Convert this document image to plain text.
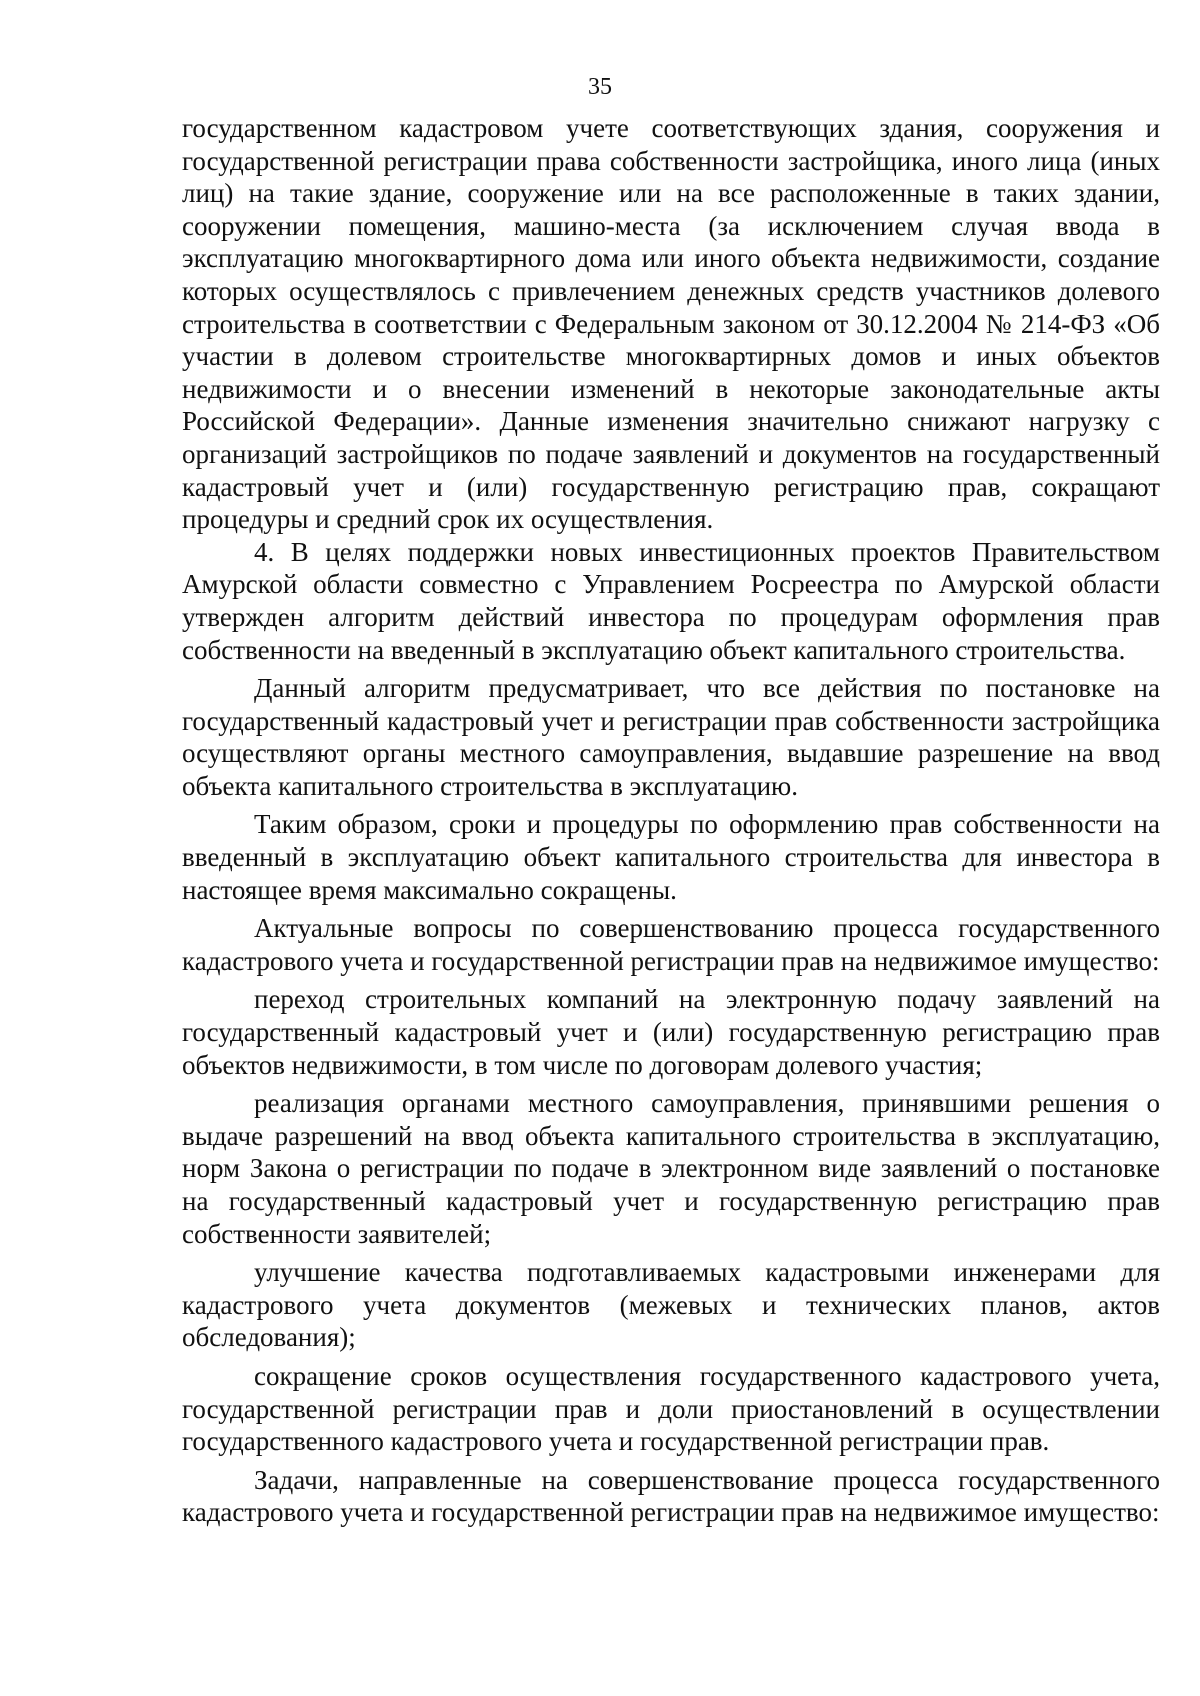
35

государственном кадастровом учете соответствующих здания, сооружения и государственной регистрации права собственности застройщика, иного лица (иных лиц) на такие здание, сооружение или на все расположенные в таких здании, сооружении помещения, машино-места (за исключением случая ввода в эксплуатацию многоквартирного дома или иного объекта недвижимости, создание которых осуществлялось с привлечением денежных средств участников долевого строительства в соответствии с Федеральным законом от 30.12.2004 № 214-ФЗ «Об участии в долевом строительстве многоквартирных домов и иных объектов недвижимости и о внесении изменений в некоторые законодательные акты Российской Федерации». Данные изменения значительно снижают нагрузку с организаций застройщиков по подаче заявлений и документов на государственный кадастровый учет и (или) государственную регистрацию прав, сокращают процедуры и средний срок их осуществления.

4. В целях поддержки новых инвестиционных проектов Правительством Амурской области совместно с Управлением Росреестра по Амурской области утвержден алгоритм действий инвестора по процедурам оформления прав собственности на введенный в эксплуатацию объект капитального строительства.

Данный алгоритм предусматривает, что все действия по постановке на государственный кадастровый учет и регистрации прав собственности застройщика осуществляют органы местного самоуправления, выдавшие разрешение на ввод объекта капитального строительства в эксплуатацию.

Таким образом, сроки и процедуры по оформлению прав собственности на введенный в эксплуатацию объект капитального строительства для инвестора в настоящее время максимально сокращены.

Актуальные вопросы по совершенствованию процесса государственного кадастрового учета и государственной регистрации прав на недвижимое имущество:

переход строительных компаний на электронную подачу заявлений на государственный кадастровый учет и (или) государственную регистрацию прав объектов недвижимости, в том числе по договорам долевого участия;

реализация органами местного самоуправления, принявшими решения о выдаче разрешений на ввод объекта капитального строительства в эксплуатацию, норм Закона о регистрации по подаче в электронном виде заявлений о постановке на государственный кадастровый учет и государственную регистрацию прав собственности заявителей;

улучшение качества подготавливаемых кадастровыми инженерами для кадастрового учета документов (межевых и технических планов, актов обследования);

сокращение сроков осуществления государственного кадастрового учета, государственной регистрации прав и доли приостановлений в осуществлении государственного кадастрового учета и государственной регистрации прав.

Задачи, направленные на совершенствование процесса государственного кадастрового учета и государственной регистрации прав на недвижимое имущество:
